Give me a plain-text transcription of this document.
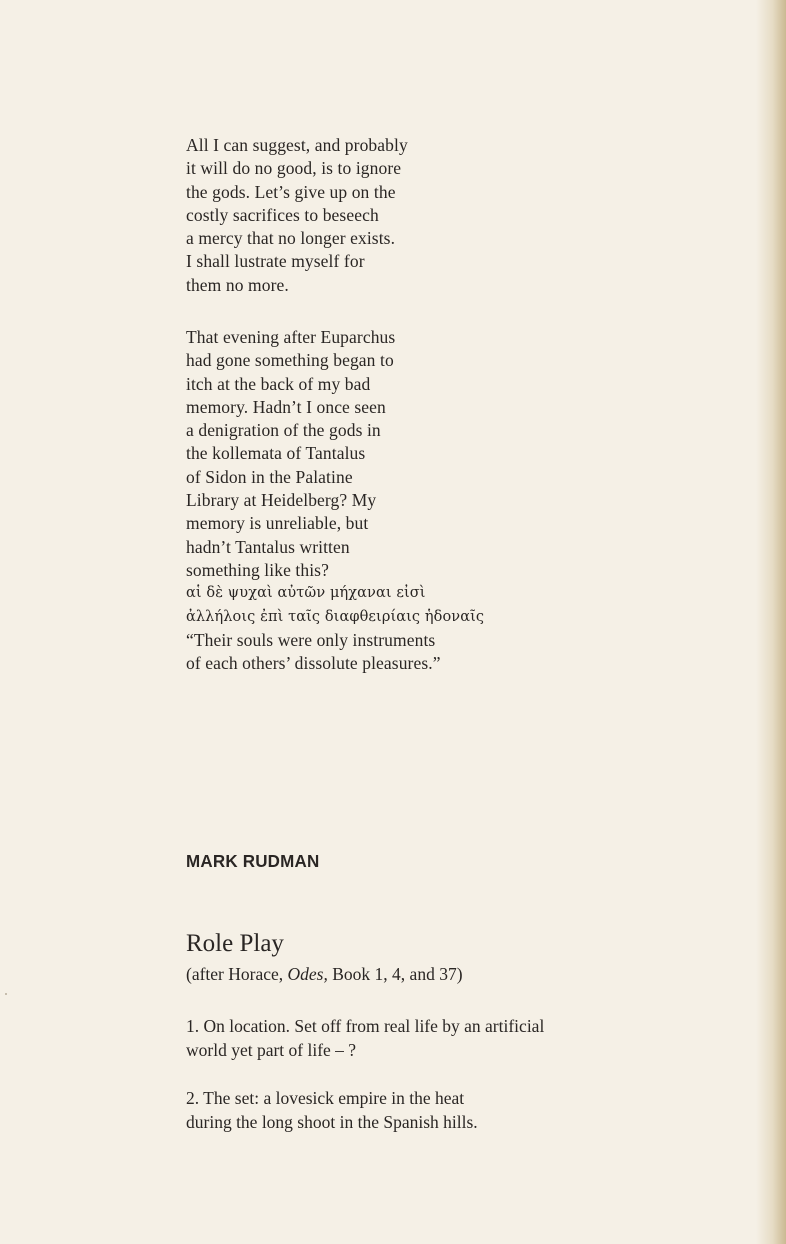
All I can suggest, and probably
it will do no good, is to ignore
the gods. Let’s give up on the
costly sacrifices to beseech
a mercy that no longer exists.
I shall lustrate myself for
them no more.

That evening after Euparchus
had gone something began to
itch at the back of my bad
memory. Hadn’t I once seen
a denigration of the gods in
the kollemata of Tantalus
of Sidon in the Palatine
Library at Heidelberg? My
memory is unreliable, but
hadn’t Tantalus written
something like this?
αἱ δὲ ψυχαὶ αὐτῶν μήχαναι εἰσὶ
ἀλλήλοις ἐπὶ ταῖς διαφθειρίαις ἡδοναῖς
“Their souls were only instruments
of each others’ dissolute pleasures.”

MARK RUDMAN
Role Play

(after Horace, Odes, Book 1, 4, and 37)

1. On location. Set off from real life by an artificial
world yet part of life – ?

2. The set: a lovesick empire in the heat
during the long shoot in the Spanish hills.
